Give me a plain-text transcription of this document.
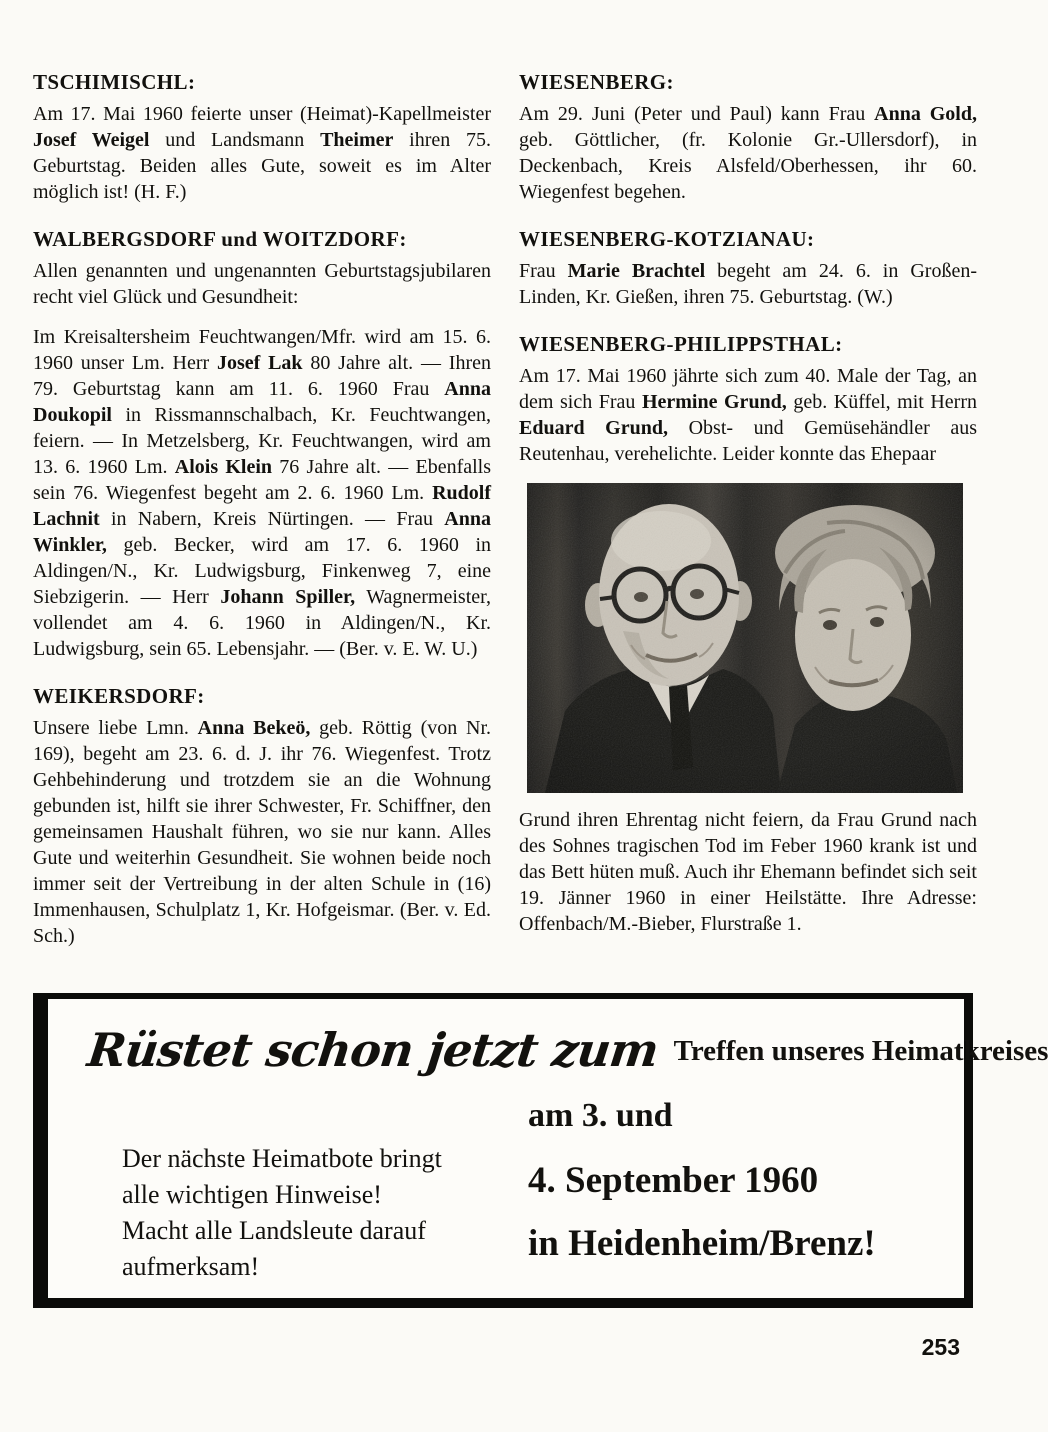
TSCHIMISCHL:

Am 17. Mai 1960 feierte unser (Heimat)-Kapellmeister Josef Weigel und Landsmann Theimer ihren 75. Geburtstag. Beiden alles Gute, soweit es im Alter möglich ist! (H. F.)

WALBERGSDORF und WOITZDORF:

Allen genannten und ungenannten Geburtstagsjubilaren recht viel Glück und Gesundheit:

Im Kreisaltersheim Feuchtwangen/Mfr. wird am 15. 6. 1960 unser Lm. Herr Josef Lak 80 Jahre alt. — Ihren 79. Geburtstag kann am 11. 6. 1960 Frau Anna Doukopil in Rissmannschalbach, Kr. Feuchtwangen, feiern. — In Metzelsberg, Kr. Feuchtwangen, wird am 13. 6. 1960 Lm. Alois Klein 76 Jahre alt. — Ebenfalls sein 76. Wiegenfest begeht am 2. 6. 1960 Lm. Rudolf Lachnit in Nabern, Kreis Nürtingen. — Frau Anna Winkler, geb. Becker, wird am 17. 6. 1960 in Aldingen/N., Kr. Ludwigsburg, Finkenweg 7, eine Siebzigerin. — Herr Johann Spiller, Wagnermeister, vollendet am 4. 6. 1960 in Aldingen/N., Kr. Ludwigsburg, sein 65. Lebensjahr. — (Ber. v. E. W. U.)

WEIKERSDORF:

Unsere liebe Lmn. Anna Bekeö, geb. Röttig (von Nr. 169), begeht am 23. 6. d. J. ihr 76. Wiegenfest. Trotz Gehbehinderung und trotzdem sie an die Wohnung gebunden ist, hilft sie ihrer Schwester, Fr. Schiffner, den gemeinsamen Haushalt führen, wo sie nur kann. Alles Gute und weiterhin Gesundheit. Sie wohnen beide noch immer seit der Vertreibung in der alten Schule in (16) Immenhausen, Schulplatz 1, Kr. Hofgeismar. (Ber. v. Ed. Sch.)

WIESENBERG:

Am 29. Juni (Peter und Paul) kann Frau Anna Gold, geb. Göttlicher, (fr. Kolonie Gr.-Ullersdorf), in Deckenbach, Kreis Alsfeld/Oberhessen, ihr 60. Wiegenfest begehen.

WIESENBERG-KOTZIANAU:

Frau Marie Brachtel begeht am 24. 6. in Großen-Linden, Kr. Gießen, ihren 75. Geburtstag. (W.)

WIESENBERG-PHILIPPSTHAL:

Am 17. Mai 1960 jährte sich zum 40. Male der Tag, an dem sich Frau Hermine Grund, geb. Küffel, mit Herrn Eduard Grund, Obst- und Gemüsehändler aus Reutenhau, verehelichte. Leider konnte das Ehepaar

Grund ihren Ehrentag nicht feiern, da Frau Grund nach des Sohnes tragischen Tod im Feber 1960 krank ist und das Bett hüten muß. Auch ihr Ehemann befindet sich seit 19. Jänner 1960 in einer Heilstätte. Ihre Adresse: Offenbach/M.-Bieber, Flurstraße 1.

Rüstet schon jetzt zum Treffen unseres Heimatkreises
Der nächste Heimatbote bringt
alle wichtigen Hinweise!
Macht alle Landsleute darauf
aufmerksam!
am 3. und
4. September 1960
in Heidenheim/Brenz!
253
